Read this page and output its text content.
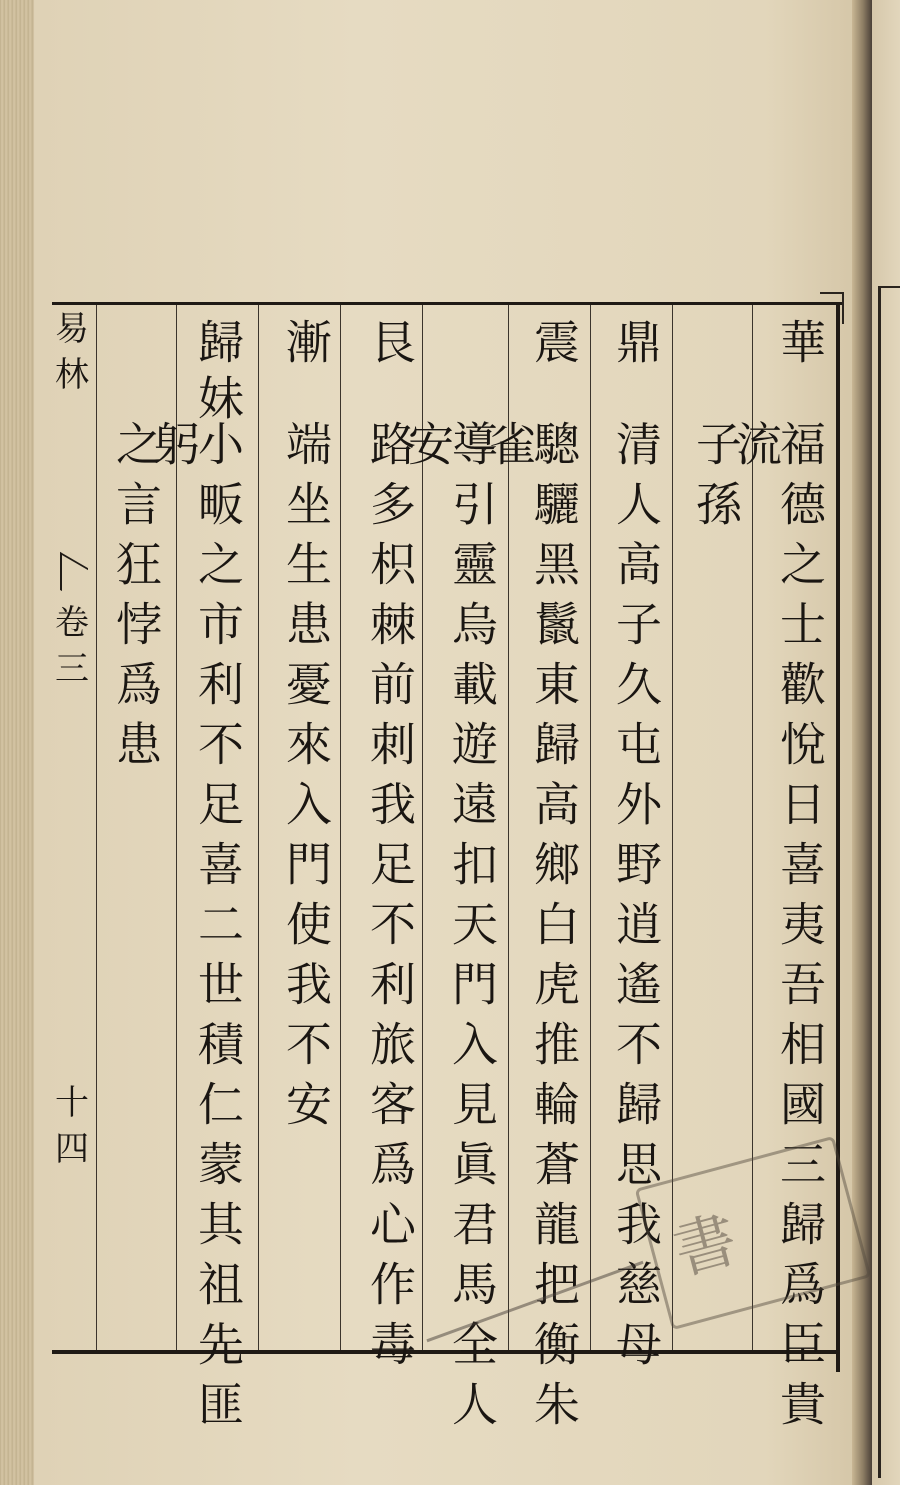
易
林
卷
三
十
四
華
福德之士歡悅日喜夷吾相國三歸爲臣貴流
子孫
鼎
清人高子久屯外野逍遙不歸思我慈母
震
驄驪黑鬛東歸高鄉白虎推輪蒼龍把衡朱雀
導引靈烏載遊遠扣天門入見眞君馬全人安
艮
路多枳棘前刺我足不利旅客爲心作毒
漸
端坐生患憂來入門使我不安
歸妹
小畈之市利不足喜二世積仁蒙其祖先匪躬
之言狂悖爲患
書
